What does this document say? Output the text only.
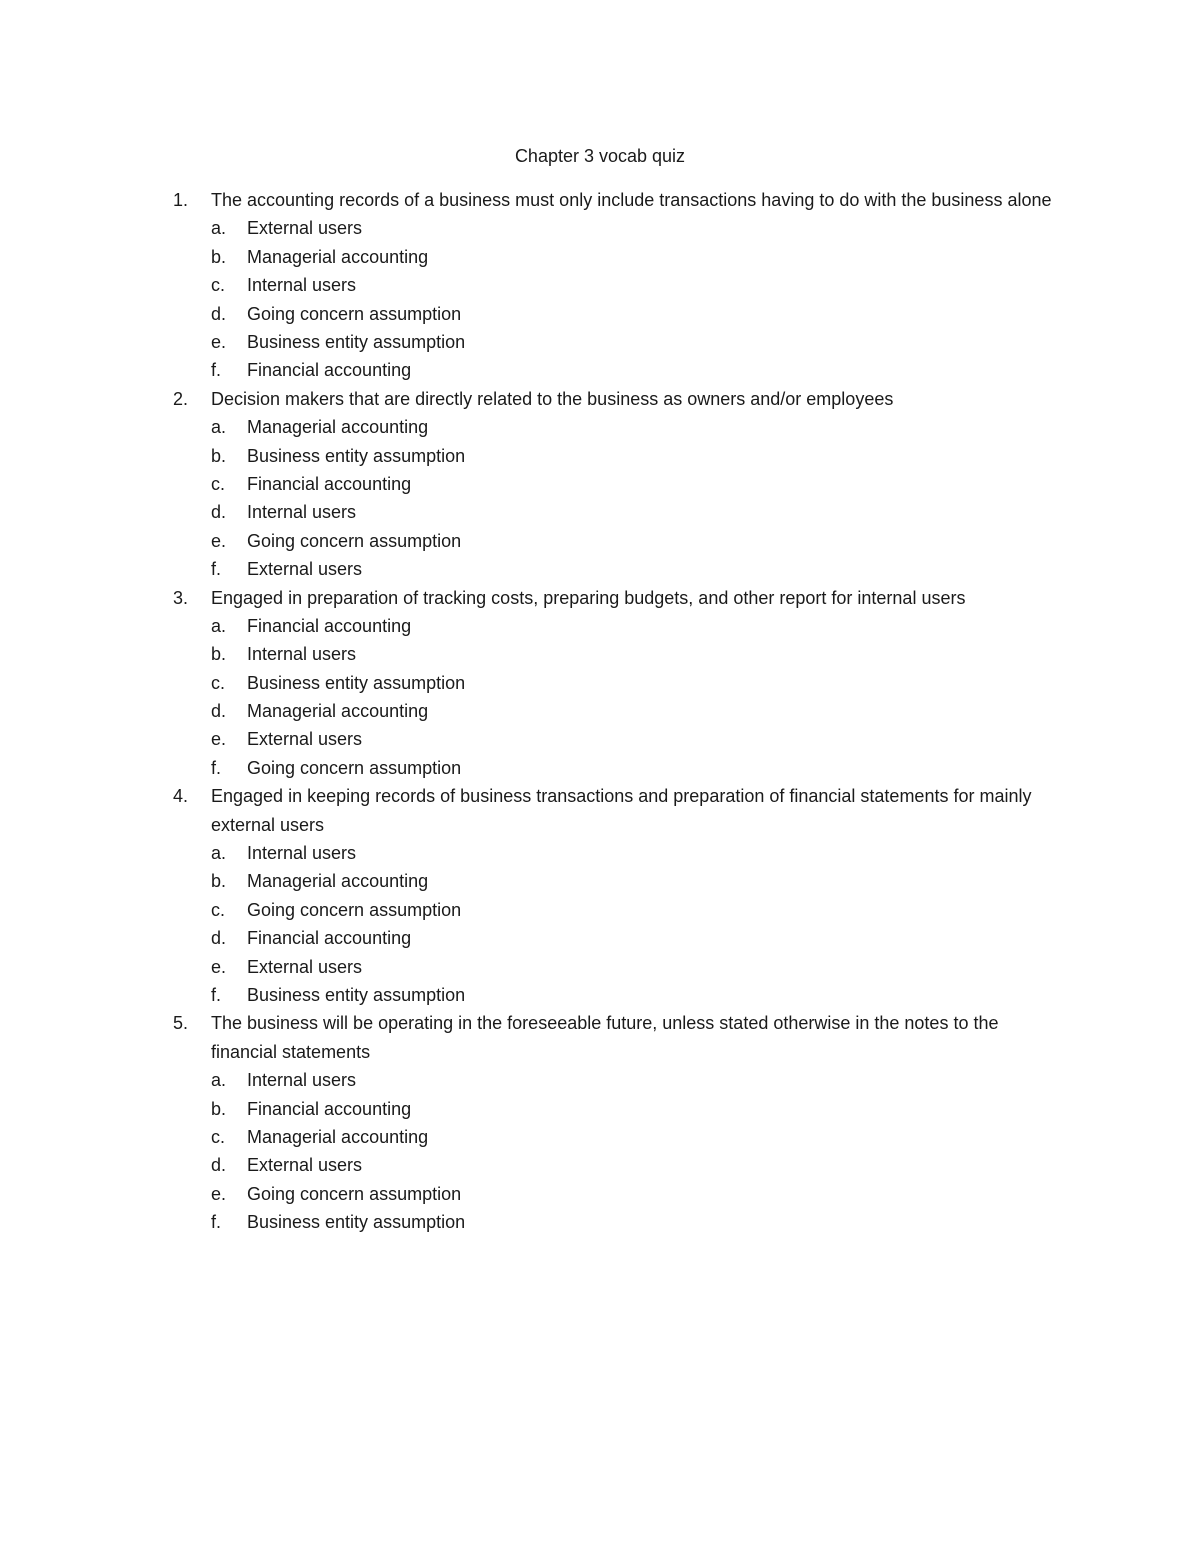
Chapter 3 vocab quiz
1. The accounting records of a business must only include transactions having to do with the business alone
a. External users
b. Managerial accounting
c. Internal users
d. Going concern assumption
e. Business entity assumption
f. Financial accounting
2. Decision makers that are directly related to the business as owners and/or employees
a. Managerial accounting
b. Business entity assumption
c. Financial accounting
d. Internal users
e. Going concern assumption
f. External users
3. Engaged in preparation of tracking costs, preparing budgets, and other report for internal users
a. Financial accounting
b. Internal users
c. Business entity assumption
d. Managerial accounting
e. External users
f. Going concern assumption
4. Engaged in keeping records of business transactions and preparation of financial statements for mainly external users
a. Internal users
b. Managerial accounting
c. Going concern assumption
d. Financial accounting
e. External users
f. Business entity assumption
5. The business will be operating in the foreseeable future, unless stated otherwise in the notes to the financial statements
a. Internal users
b. Financial accounting
c. Managerial accounting
d. External users
e. Going concern assumption
f. Business entity assumption
